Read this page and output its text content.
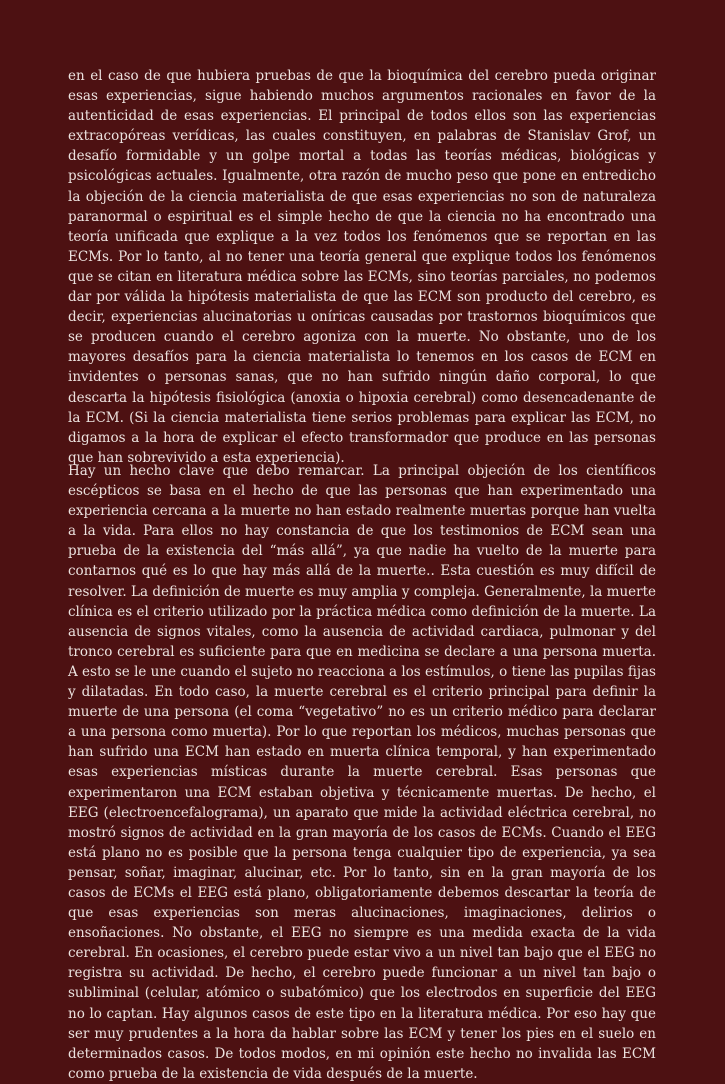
en el caso de que hubiera pruebas de que la bioquímica del cerebro pueda originar esas experiencias, sigue habiendo muchos argumentos racionales en favor de la autenticidad de esas experiencias. El principal de todos ellos son las experiencias extracopóreas verídicas, las cuales constituyen, en palabras de Stanislav Grof, un desafío formidable y un golpe mortal a todas las teorías médicas, biológicas y psicológicas actuales. Igualmente, otra razón de mucho peso que pone en entredicho la objeción de la ciencia materialista de que esas experiencias no son de naturaleza paranormal o espiritual es el simple hecho de que la ciencia no ha encontrado una teoría unificada que explique a la vez todos los fenómenos que se reportan en las ECMs. Por lo tanto, al no tener una teoría general que explique todos los fenómenos que se citan en literatura médica sobre las ECMs, sino teorías parciales, no podemos dar por válida la hipótesis materialista de que las ECM son producto del cerebro, es decir, experiencias alucinatorias u oníricas causadas por trastornos bioquímicos que se producen cuando el cerebro agoniza con la muerte. No obstante, uno de los mayores desafíos para la ciencia materialista lo tenemos en los casos de ECM en invidentes o personas sanas, que no han sufrido ningún daño corporal, lo que descarta la hipótesis fisiológica (anoxia o hipoxia cerebral) como desencadenante de la ECM. (Si la ciencia materialista tiene serios problemas para explicar las ECM, no digamos a la hora de explicar el efecto transformador que produce en las personas que han sobrevivido a esta experiencia).

Hay un hecho clave que debo remarcar. La principal objeción de los científicos escépticos se basa en el hecho de que las personas que han experimentado una experiencia cercana a la muerte no han estado realmente muertas porque han vuelta a la vida. Para ellos no hay constancia de que los testimonios de ECM sean una prueba de la existencia del “más allá”, ya que nadie ha vuelto de la muerte para contarnos qué es lo que hay más allá de la muerte.. Esta cuestión es muy difícil de resolver. La definición de muerte es muy amplia y compleja. Generalmente, la muerte clínica es el criterio utilizado por la práctica médica como definición de la muerte. La ausencia de signos vitales, como la ausencia de actividad cardiaca, pulmonar y del tronco cerebral es suficiente para que en medicina se declare a una persona muerta. A esto se le une cuando el sujeto no reacciona a los estímulos, o tiene las pupilas fijas y dilatadas. En todo caso, la muerte cerebral es el criterio principal para definir la muerte de una persona (el coma “vegetativo” no es un criterio médico para declarar a una persona como muerta). Por lo que reportan los médicos, muchas personas que han sufrido una ECM han estado en muerta clínica temporal, y han experimentado esas experiencias místicas durante la muerte cerebral. Esas personas que experimentaron una ECM estaban objetiva y técnicamente muertas. De hecho, el EEG (electroencefalograma), un aparato que mide la actividad eléctrica cerebral, no mostró signos de actividad en la gran mayoría de los casos de ECMs. Cuando el EEG está plano no es posible que la persona tenga cualquier tipo de experiencia, ya sea pensar, soñar, imaginar, alucinar, etc. Por lo tanto, sin en la gran mayoría de los casos de ECMs el EEG está plano, obligatoriamente debemos descartar la teoría de que esas experiencias son meras alucinaciones, imaginaciones, delirios o ensoñaciones. No obstante, el EEG no siempre es una medida exacta de la vida cerebral. En ocasiones, el cerebro puede estar vivo a un nivel tan bajo que el EEG no registra su actividad. De hecho, el cerebro puede funcionar a un nivel tan bajo o subliminal (celular, atómico o subatómico) que los electrodos en superficie del EEG no lo captan. Hay algunos casos de este tipo en la literatura médica. Por eso hay que ser muy prudentes a la hora da hablar sobre las ECM y tener los pies en el suelo en determinados casos. De todos modos, en mi opinión este hecho no invalida las ECM como prueba de la existencia de vida después de la muerte.
